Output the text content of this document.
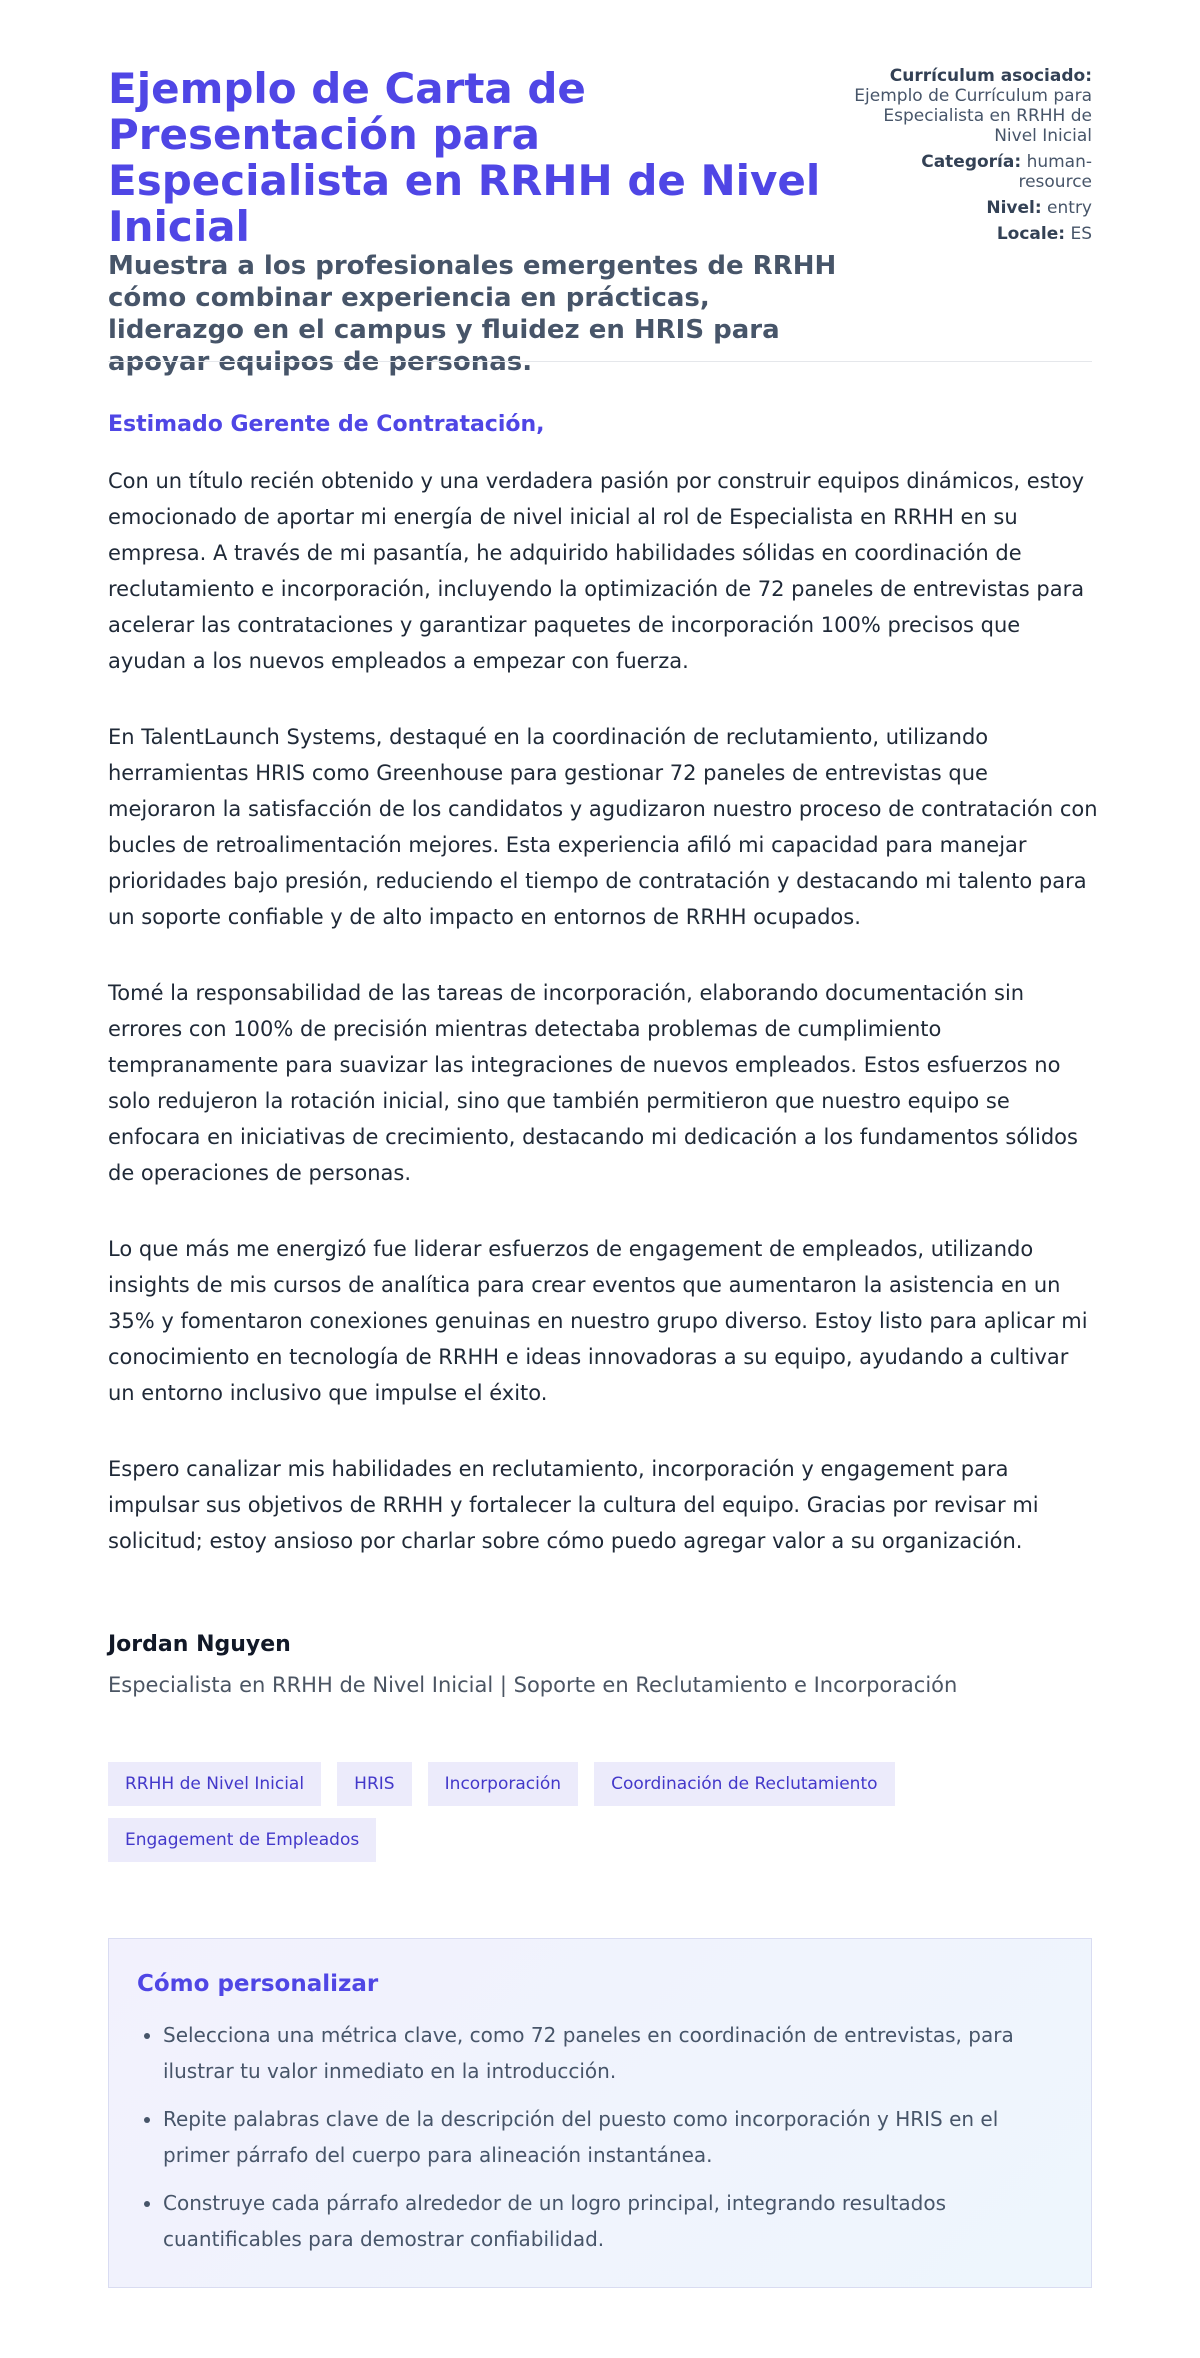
Ejemplo de Carta de Presentación para Especialista en RRHH de Nivel Inicial

Muestra a los profesionales emergentes de RRHH cómo combinar experiencia en prácticas, liderazgo en el campus y fluidez en HRIS para apoyar equipos de personas.

Currículum asociado: Ejemplo de Currículum para Especialista en RRHH de Nivel Inicial
Categoría: human-resource
Nivel: entry
Locale: ES

Estimado Gerente de Contratación,

Con un título recién obtenido y una verdadera pasión por construir equipos dinámicos, estoy emocionado de aportar mi energía de nivel inicial al rol de Especialista en RRHH en su empresa. A través de mi pasantía, he adquirido habilidades sólidas en coordinación de reclutamiento e incorporación, incluyendo la optimización de 72 paneles de entrevistas para acelerar las contrataciones y garantizar paquetes de incorporación 100% precisos que ayudan a los nuevos empleados a empezar con fuerza.

En TalentLaunch Systems, destaqué en la coordinación de reclutamiento, utilizando herramientas HRIS como Greenhouse para gestionar 72 paneles de entrevistas que mejoraron la satisfacción de los candidatos y agudizaron nuestro proceso de contratación con bucles de retroalimentación mejores. Esta experiencia afiló mi capacidad para manejar prioridades bajo presión, reduciendo el tiempo de contratación y destacando mi talento para un soporte confiable y de alto impacto en entornos de RRHH ocupados.

Tomé la responsabilidad de las tareas de incorporación, elaborando documentación sin errores con 100% de precisión mientras detectaba problemas de cumplimiento tempranamente para suavizar las integraciones de nuevos empleados. Estos esfuerzos no solo redujeron la rotación inicial, sino que también permitieron que nuestro equipo se enfocara en iniciativas de crecimiento, destacando mi dedicación a los fundamentos sólidos de operaciones de personas.

Lo que más me energizó fue liderar esfuerzos de engagement de empleados, utilizando insights de mis cursos de analítica para crear eventos que aumentaron la asistencia en un 35% y fomentaron conexiones genuinas en nuestro grupo diverso. Estoy listo para aplicar mi conocimiento en tecnología de RRHH e ideas innovadoras a su equipo, ayudando a cultivar un entorno inclusivo que impulse el éxito.

Espero canalizar mis habilidades en reclutamiento, incorporación y engagement para impulsar sus objetivos de RRHH y fortalecer la cultura del equipo. Gracias por revisar mi solicitud; estoy ansioso por charlar sobre cómo puedo agregar valor a su organización.

Jordan Nguyen

Especialista en RRHH de Nivel Inicial | Soporte en Reclutamiento e Incorporación

RRHH de Nivel Inicial	HRIS	Incorporación	Coordinación de Reclutamiento Engagement de Empleados
Cómo personalizar
• Selecciona una métrica clave, como 72 paneles en coordinación de entrevistas, para ilustrar tu valor inmediato en la introducción.
• Repite palabras clave de la descripción del puesto como incorporación y HRIS en el primer párrafo del cuerpo para alineación instantánea.
• Construye cada párrafo alrededor de un logro principal, integrando resultados cuantificables para demostrar confiabilidad.
